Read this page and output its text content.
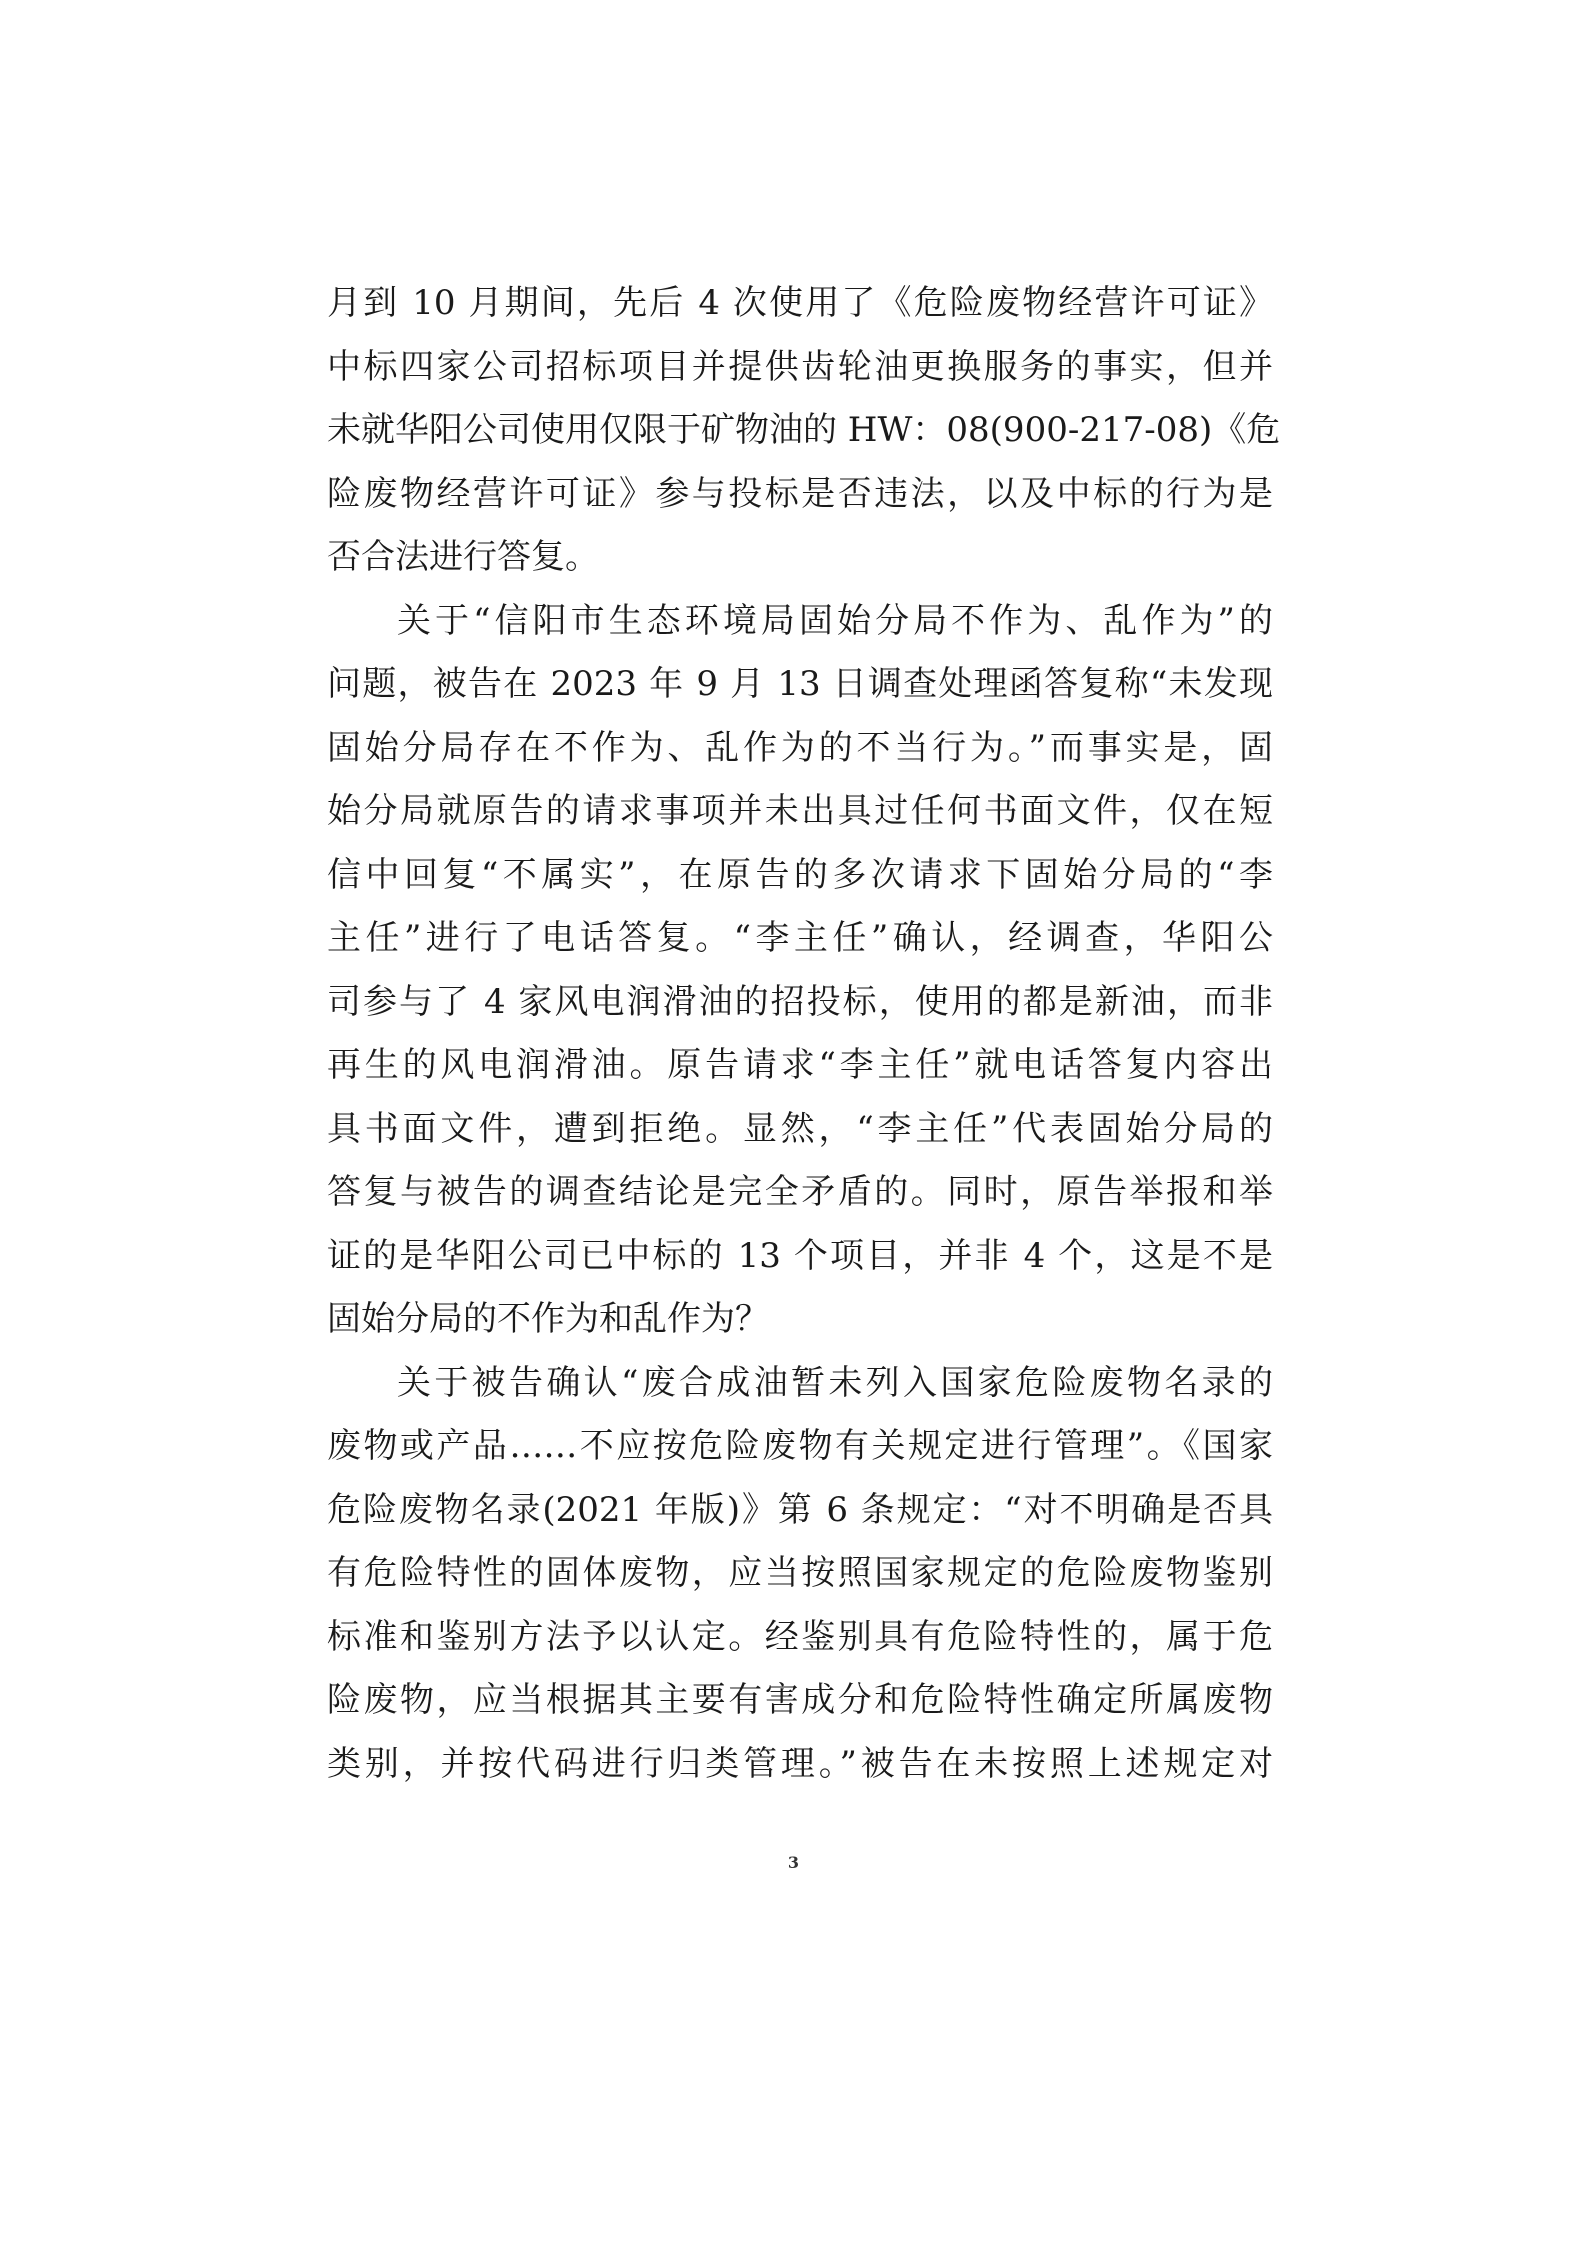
月到 10 月期间，先后 4 次使用了《危险废物经营许可证》
中标四家公司招标项目并提供齿轮油更换服务的事实，但并
未就华阳公司使用仅限于矿物油的 HW：08(900-217-08)《危
险废物经营许可证》参与投标是否违法，以及中标的行为是
否合法进行答复。
关于“信阳市生态环境局固始分局不作为、乱作为”的
问题，被告在 2023 年 9 月 13 日调查处理函答复称“未发现
固始分局存在不作为、乱作为的不当行为。”而事实是，固
始分局就原告的请求事项并未出具过任何书面文件，仅在短
信中回复“不属实”，在原告的多次请求下固始分局的“李
主任”进行了电话答复。“李主任”确认，经调查，华阳公
司参与了 4 家风电润滑油的招投标，使用的都是新油，而非
再生的风电润滑油。原告请求“李主任”就电话答复内容出
具书面文件，遭到拒绝。显然，“李主任”代表固始分局的
答复与被告的调查结论是完全矛盾的。同时，原告举报和举
证的是华阳公司已中标的 13 个项目，并非 4 个，这是不是
固始分局的不作为和乱作为？
关于被告确认“废合成油暂未列入国家危险废物名录的
废物或产品……不应按危险废物有关规定进行管理”。《国家
危险废物名录(2021 年版)》第 6 条规定：“对不明确是否具
有危险特性的固体废物，应当按照国家规定的危险废物鉴别
标准和鉴别方法予以认定。经鉴别具有危险特性的，属于危
险废物，应当根据其主要有害成分和危险特性确定所属废物
类别，并按代码进行归类管理。”被告在未按照上述规定对
3
